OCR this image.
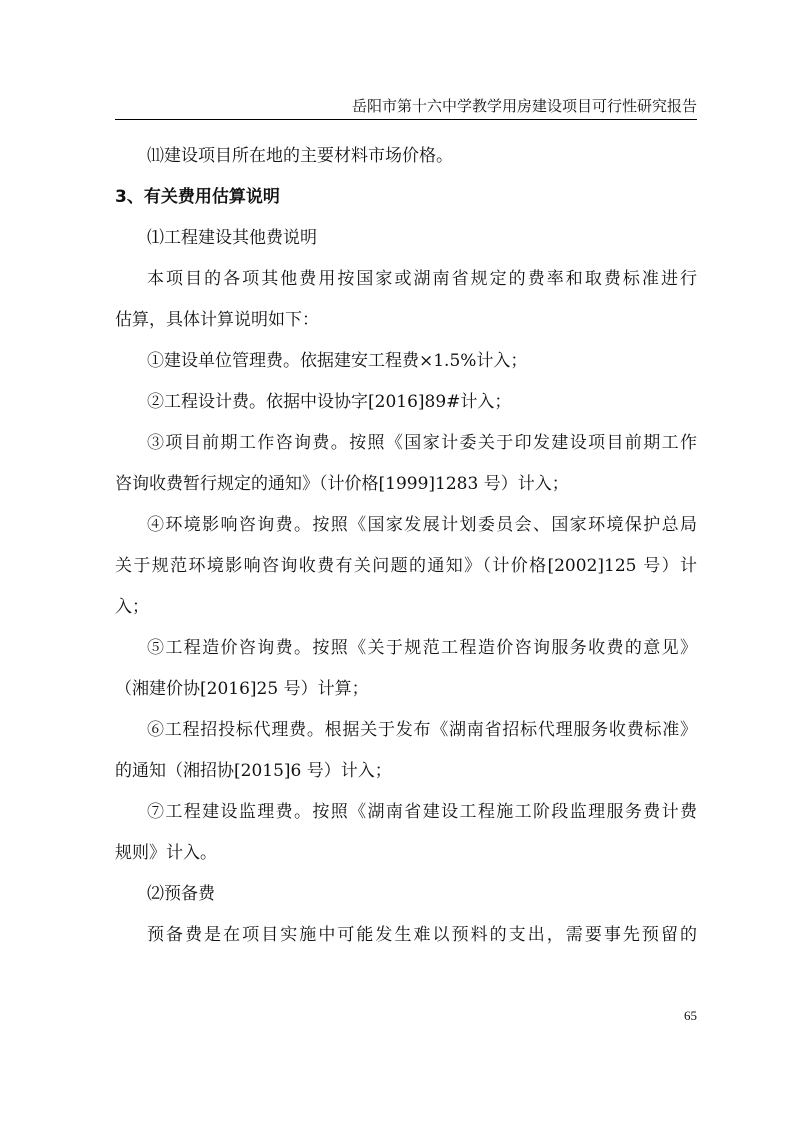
岳阳市第十六中学教学用房建设项目可行性研究报告
⑾建设项目所在地的主要材料市场价格。
3、有关费用估算说明
⑴工程建设其他费说明
本项目的各项其他费用按国家或湖南省规定的费率和取费标准进行
估算，具体计算说明如下：
①建设单位管理费。依据建安工程费×1.5%计入；
②工程设计费。依据中设协字[2016]89#计入；
③项目前期工作咨询费。按照《国家计委关于印发建设项目前期工作
咨询收费暂行规定的通知》（计价格[1999]1283 号）计入；
④环境影响咨询费。按照《国家发展计划委员会、国家环境保护总局
关于规范环境影响咨询收费有关问题的通知》（计价格[2002]125 号）计
入；
⑤工程造价咨询费。按照《关于规范工程造价咨询服务收费的意见》
（湘建价协[2016]25 号）计算；
⑥工程招投标代理费。根据关于发布《湖南省招标代理服务收费标准》
的通知（湘招协[2015]6 号）计入；
⑦工程建设监理费。按照《湖南省建设工程施工阶段监理服务费计费
规则》计入。
⑵预备费
预备费是在项目实施中可能发生难以预料的支出，需要事先预留的
65
